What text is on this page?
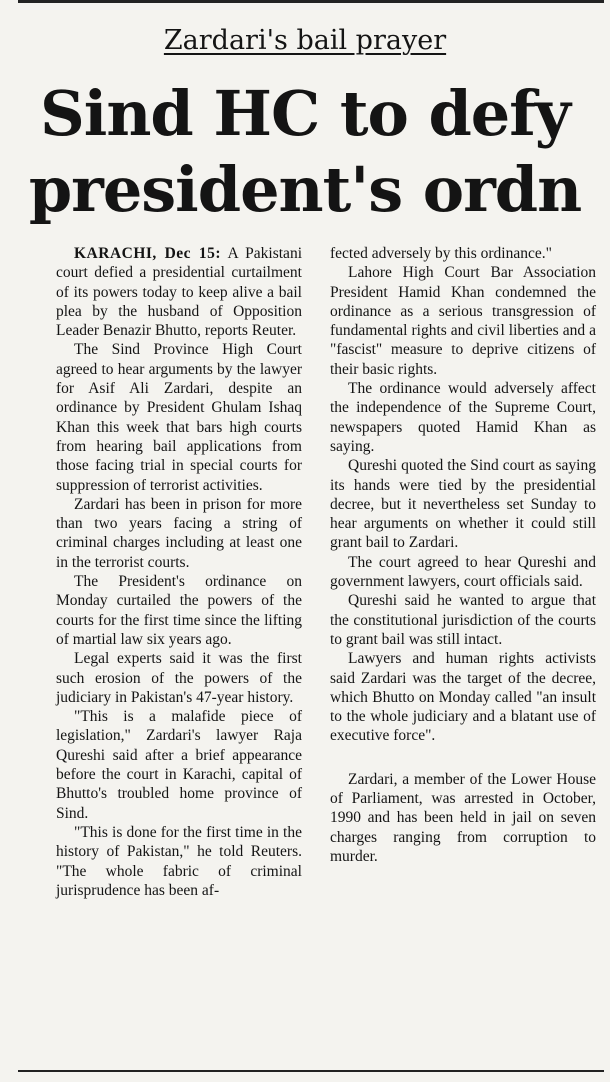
Zardari's bail prayer
Sind HC to defy
president's ordn

KARACHI, Dec 15: A Pakistani court defied a presidential curtailment of its powers today to keep alive a bail plea by the husband of Opposition Leader Benazir Bhutto, reports Reuter.

The Sind Province High Court agreed to hear arguments by the lawyer for Asif Ali Zardari, despite an ordinance by President Ghulam Ishaq Khan this week that bars high courts from hearing bail applications from those facing trial in special courts for suppression of terrorist activities.

Zardari has been in prison for more than two years facing a string of criminal charges including at least one in the terrorist courts.

The President's ordinance on Monday curtailed the powers of the courts for the first time since the lifting of martial law six years ago.

Legal experts said it was the first such erosion of the powers of the judiciary in Pakistan's 47-year history.

"This is a malafide piece of legislation," Zardari's lawyer Raja Qureshi said after a brief appearance before the court in Karachi, capital of Bhutto's troubled home province of Sind.

"This is done for the first time in the history of Pakistan," he told Reuters. "The whole fabric of criminal jurisprudence has been af-

fected adversely by this ordinance."

Lahore High Court Bar Association President Hamid Khan condemned the ordinance as a serious transgression of fundamental rights and civil liberties and a "fascist" measure to deprive citizens of their basic rights.

The ordinance would adversely affect the independence of the Supreme Court, newspapers quoted Hamid Khan as saying.

Qureshi quoted the Sind court as saying its hands were tied by the presidential decree, but it nevertheless set Sunday to hear arguments on whether it could still grant bail to Zardari.

The court agreed to hear Qureshi and government lawyers, court officials said.

Qureshi said he wanted to argue that the constitutional jurisdiction of the courts to grant bail was still intact.

Lawyers and human rights activists said Zardari was the target of the decree, which Bhutto on Monday called "an insult to the whole judiciary and a blatant use of executive force".

Zardari, a member of the Lower House of Parliament, was arrested in October, 1990 and has been held in jail on seven charges ranging from corruption to murder.
